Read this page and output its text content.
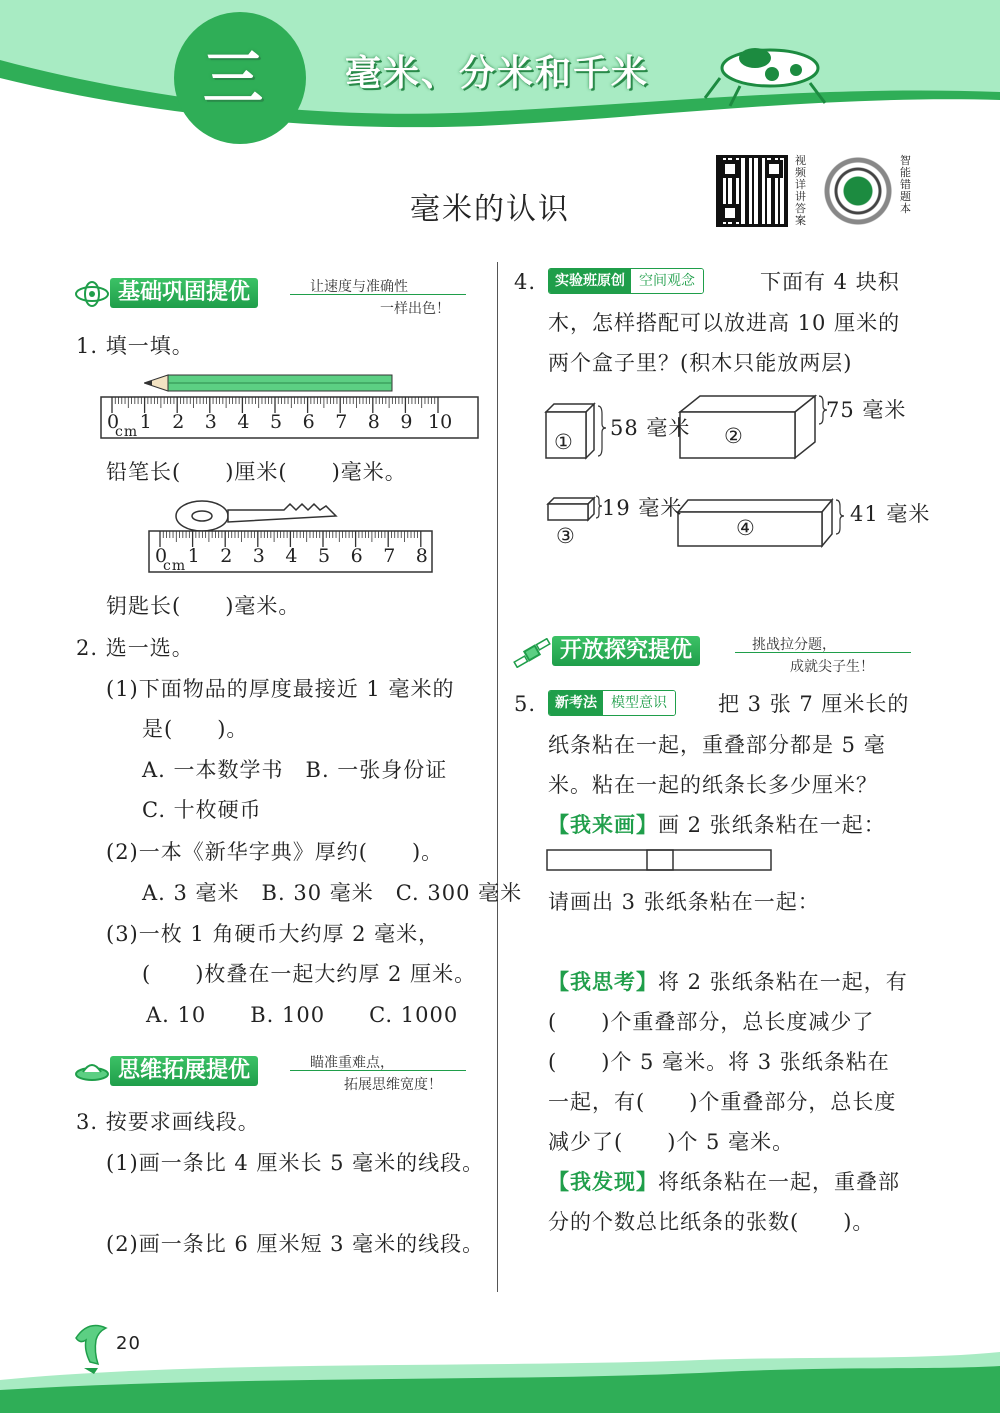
三 毫米、分米和千米
毫米的认识
视频详讲答案
智能错题本
基础巩固提优	让速度与准确性
一样出色！
1. 填一填。
0 1 2 3 4 5 6 7 8 9 10
cm
铅笔长(　　)厘米(　　)毫米。
0 1 2 3 4 5 6 7 8
cm
钥匙长(　　)毫米。
2. 选一选。
(1)下面物品的厚度最接近 1 毫米的
是(　　)。
A. 一本数学书　B. 一张身份证
C. 十枚硬币
(2)一本《新华字典》厚约(　　)。
A. 3 毫米　B. 30 毫米　C. 300 毫米
(3)一枚 1 角硬币大约厚 2 毫米，
(　　)枚叠在一起大约厚 2 厘米。
A. 10　　B. 100　　C. 1000
思维拓展提优	瞄准重难点，
拓展思维宽度！
3. 按要求画线段。
(1)画一条比 4 厘米长 5 毫米的线段。
(2)画一条比 6 厘米短 3 毫米的线段。
4.	实验班原创	空间观念	下面有 4 块积
木，怎样搭配可以放进高 10 厘米的
两个盒子里？(积木只能放两层)
①
58 毫米 ②
75 毫米
③
19 毫米
④
41 毫米
开放探究提优	挑战拉分题，
成就尖子生！
5.	新考法	模型意识	把 3 张 7 厘米长的
纸条粘在一起，重叠部分都是 5 毫
米。粘在一起的纸条长多少厘米？
【我来画】画 2 张纸条粘在一起：
请画出 3 张纸条粘在一起：
【我思考】将 2 张纸条粘在一起，有
(　　)个重叠部分，总长度减少了
(　　)个 5 毫米。将 3 张纸条粘在
一起，有(　　)个重叠部分，总长度
减少了(　　)个 5 毫米。
【我发现】将纸条粘在一起，重叠部
分的个数总比纸条的张数(　　)。
20
